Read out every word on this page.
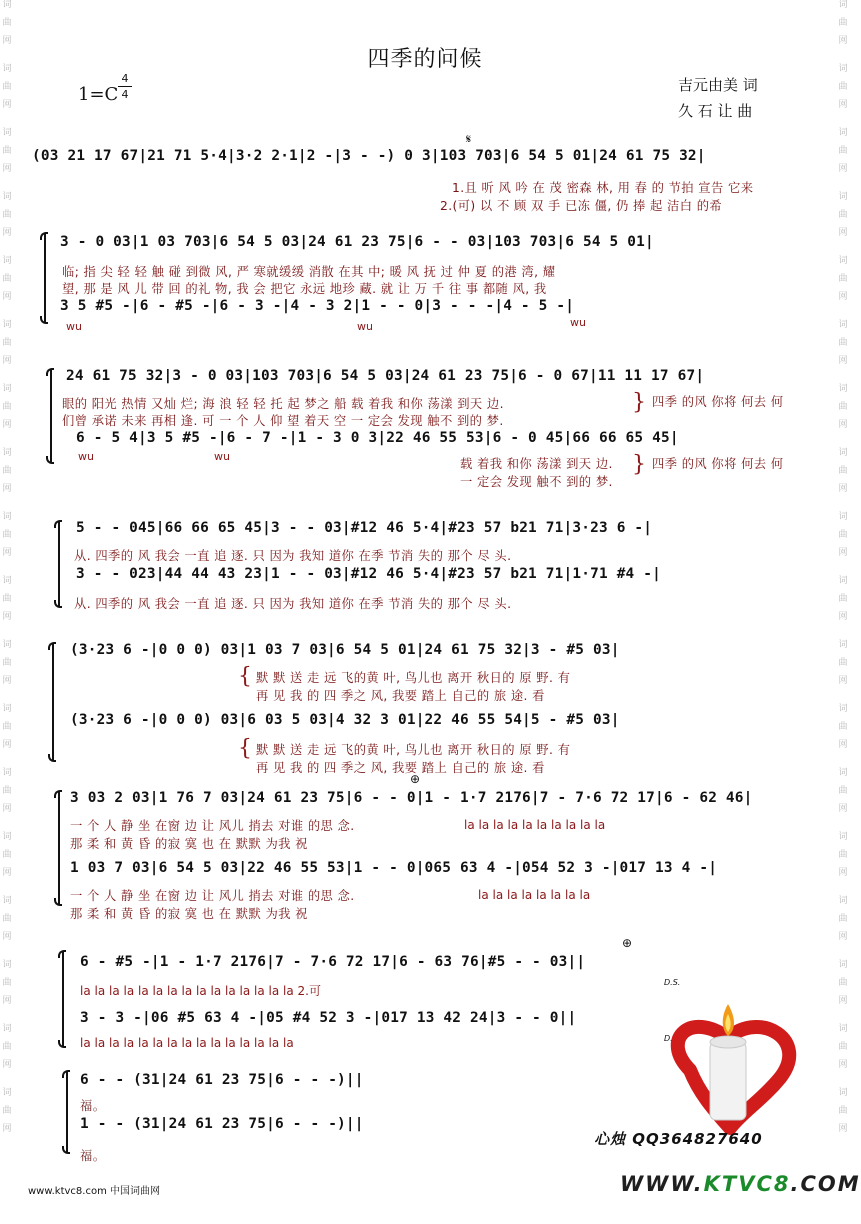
词
曲
网
词
曲
网
词
曲
网
词
曲
网
词
曲
网
词
曲
网
词
曲
网
词
曲
网
词
曲
网
词
曲
网
词
曲
网
词
曲
网
词
曲
网
词
曲
网
词
曲
网
词
曲
网
词
曲
网
词
曲
网
词
曲
网
词
曲
网
词
曲
网
词
曲
网
词
曲
网
词
曲
网
词
曲
网
词
曲
网
词
曲
网
词
曲
网
词
曲
网
词
曲
网
词
曲
网
词
曲
网
词
曲
网
词
曲
网
词
曲
网
词
曲
网
四季的问候
1=C
4
4
吉元由美 词
久 石 让 曲
𝄋
(03 21 17 67|21 71 5·4|3·2 2·1|2 -|3 - -) 0 3|103 703|6 54 5 01|24 61 75 32|
1.且 听 风 吟 在 茂 密森 林, 用 春 的 节拍 宣告 它来
2.(可) 以 不 顾 双 手 已冻 僵, 仍 捧 起 洁白 的希
3 - 0 03|1 03 703|6 54 5 03|24 61 23 75|6 - - 03|103 703|6 54 5 01|
临; 指 尖 轻 轻 触 碰 到微 风, 严 寒就缓缓 消散 在其 中; 暖 风 抚 过 仲 夏 的港 湾, 耀
望, 那 是 风 儿 带 回 的礼 物, 我 会 把它 永远 地珍 藏. 就 让 万 千 往 事 都随 风, 我
3 5 #5 -|6 - #5 -|6 - 3 -|4 - 3 2|1 - - 0|3 - - -|4 - 5 -|
wu	wu	wu
24 61 75 32|3 - 0 03|103 703|6 54 5 03|24 61 23 75|6 - 0 67|11 11 17 67|
眼的 阳光 热情 又灿 烂; 海 浪 轻 轻 托 起 梦之 船 载 着我 和你 荡漾 到天 边.
们曾 承诺 未来 再相 逢. 可 一 个 人 仰 望 着天 空 一 定会 发现 触不 到的 梦.
} 四季 的风 你将 何去 何
6 - 5 4|3 5 #5 -|6 - 7 -|1 - 3 0 3|22 46 55 53|6 - 0 45|66 66 65 45|
wu	wu
载 着我 和你 荡漾 到天 边.
一 定会 发现 触不 到的 梦.
} 四季 的风 你将 何去 何
5 - - 045|66 66 65 45|3 - - 03|#12 46 5·4|#23 57 b21 71|3·23 6 -|
从. 四季的 风 我会 一直 追 逐. 只 因为 我知 道你 在季 节消 失的 那个 尽 头.
3 - - 023|44 44 43 23|1 - - 03|#12 46 5·4|#23 57 b21 71|1·71 #4 -|
从. 四季的 风 我会 一直 追 逐. 只 因为 我知 道你 在季 节消 失的 那个 尽 头.
(3·23 6 -|0 0 0) 03|1 03 7 03|6 54 5 01|24 61 75 32|3 - #5 03|
{ 默 默 送 走 远 飞的黄 叶, 鸟儿也 离开 秋日的 原 野. 有
再 见 我 的 四 季之 风, 我要 踏上 自己的 旅 途. 看
(3·23 6 -|0 0 0) 03|6 03 5 03|4 32 3 01|22 46 55 54|5 - #5 03|
{ 默 默 送 走 远 飞的黄 叶, 鸟儿也 离开 秋日的 原 野. 有
再 见 我 的 四 季之 风, 我要 踏上 自己的 旅 途. 看
⊕
3 03 2 03|1 76 7 03|24 61 23 75|6 - - 0|1 - 1·7 2176|7 - 7·6 72 17|6 - 62 46|
一 个 人 静 坐 在窗 边 让 风儿 捎去 对谁 的思 念.
那 柔 和 黄 昏 的寂 寞 也 在 默默 为我 祝
la la la la la la la la la la
1 03 7 03|6 54 5 03|22 46 55 53|1 - - 0|065 63 4 -|054 52 3 -|017 13 4 -|
一 个 人 静 坐 在窗 边 让 风儿 捎去 对谁 的思 念.
那 柔 和 黄 昏 的寂 寞 也 在 默默 为我 祝
la la la la la la la la
⊕
6 - #5 -|1 - 1·7 2176|7 - 7·6 72 17|6 - 63 76|#5 - - 03||
la la la la la la la la la la la la la la la 2.可
D.S.
3 - 3 -|06 #5 63 4 -|05 #4 52 3 -|017 13 42 24|3 - - 0||
la la la la la la la la la la la la la la la	D.S.
6 - - (31|24 61 23 75|6 - - -)||
福。
1 - - (31|24 61 23 75|6 - - -)||
福。
心烛 QQ364827640
www.ktvc8.com 中国词曲网	WWW.KTVC8.COM
